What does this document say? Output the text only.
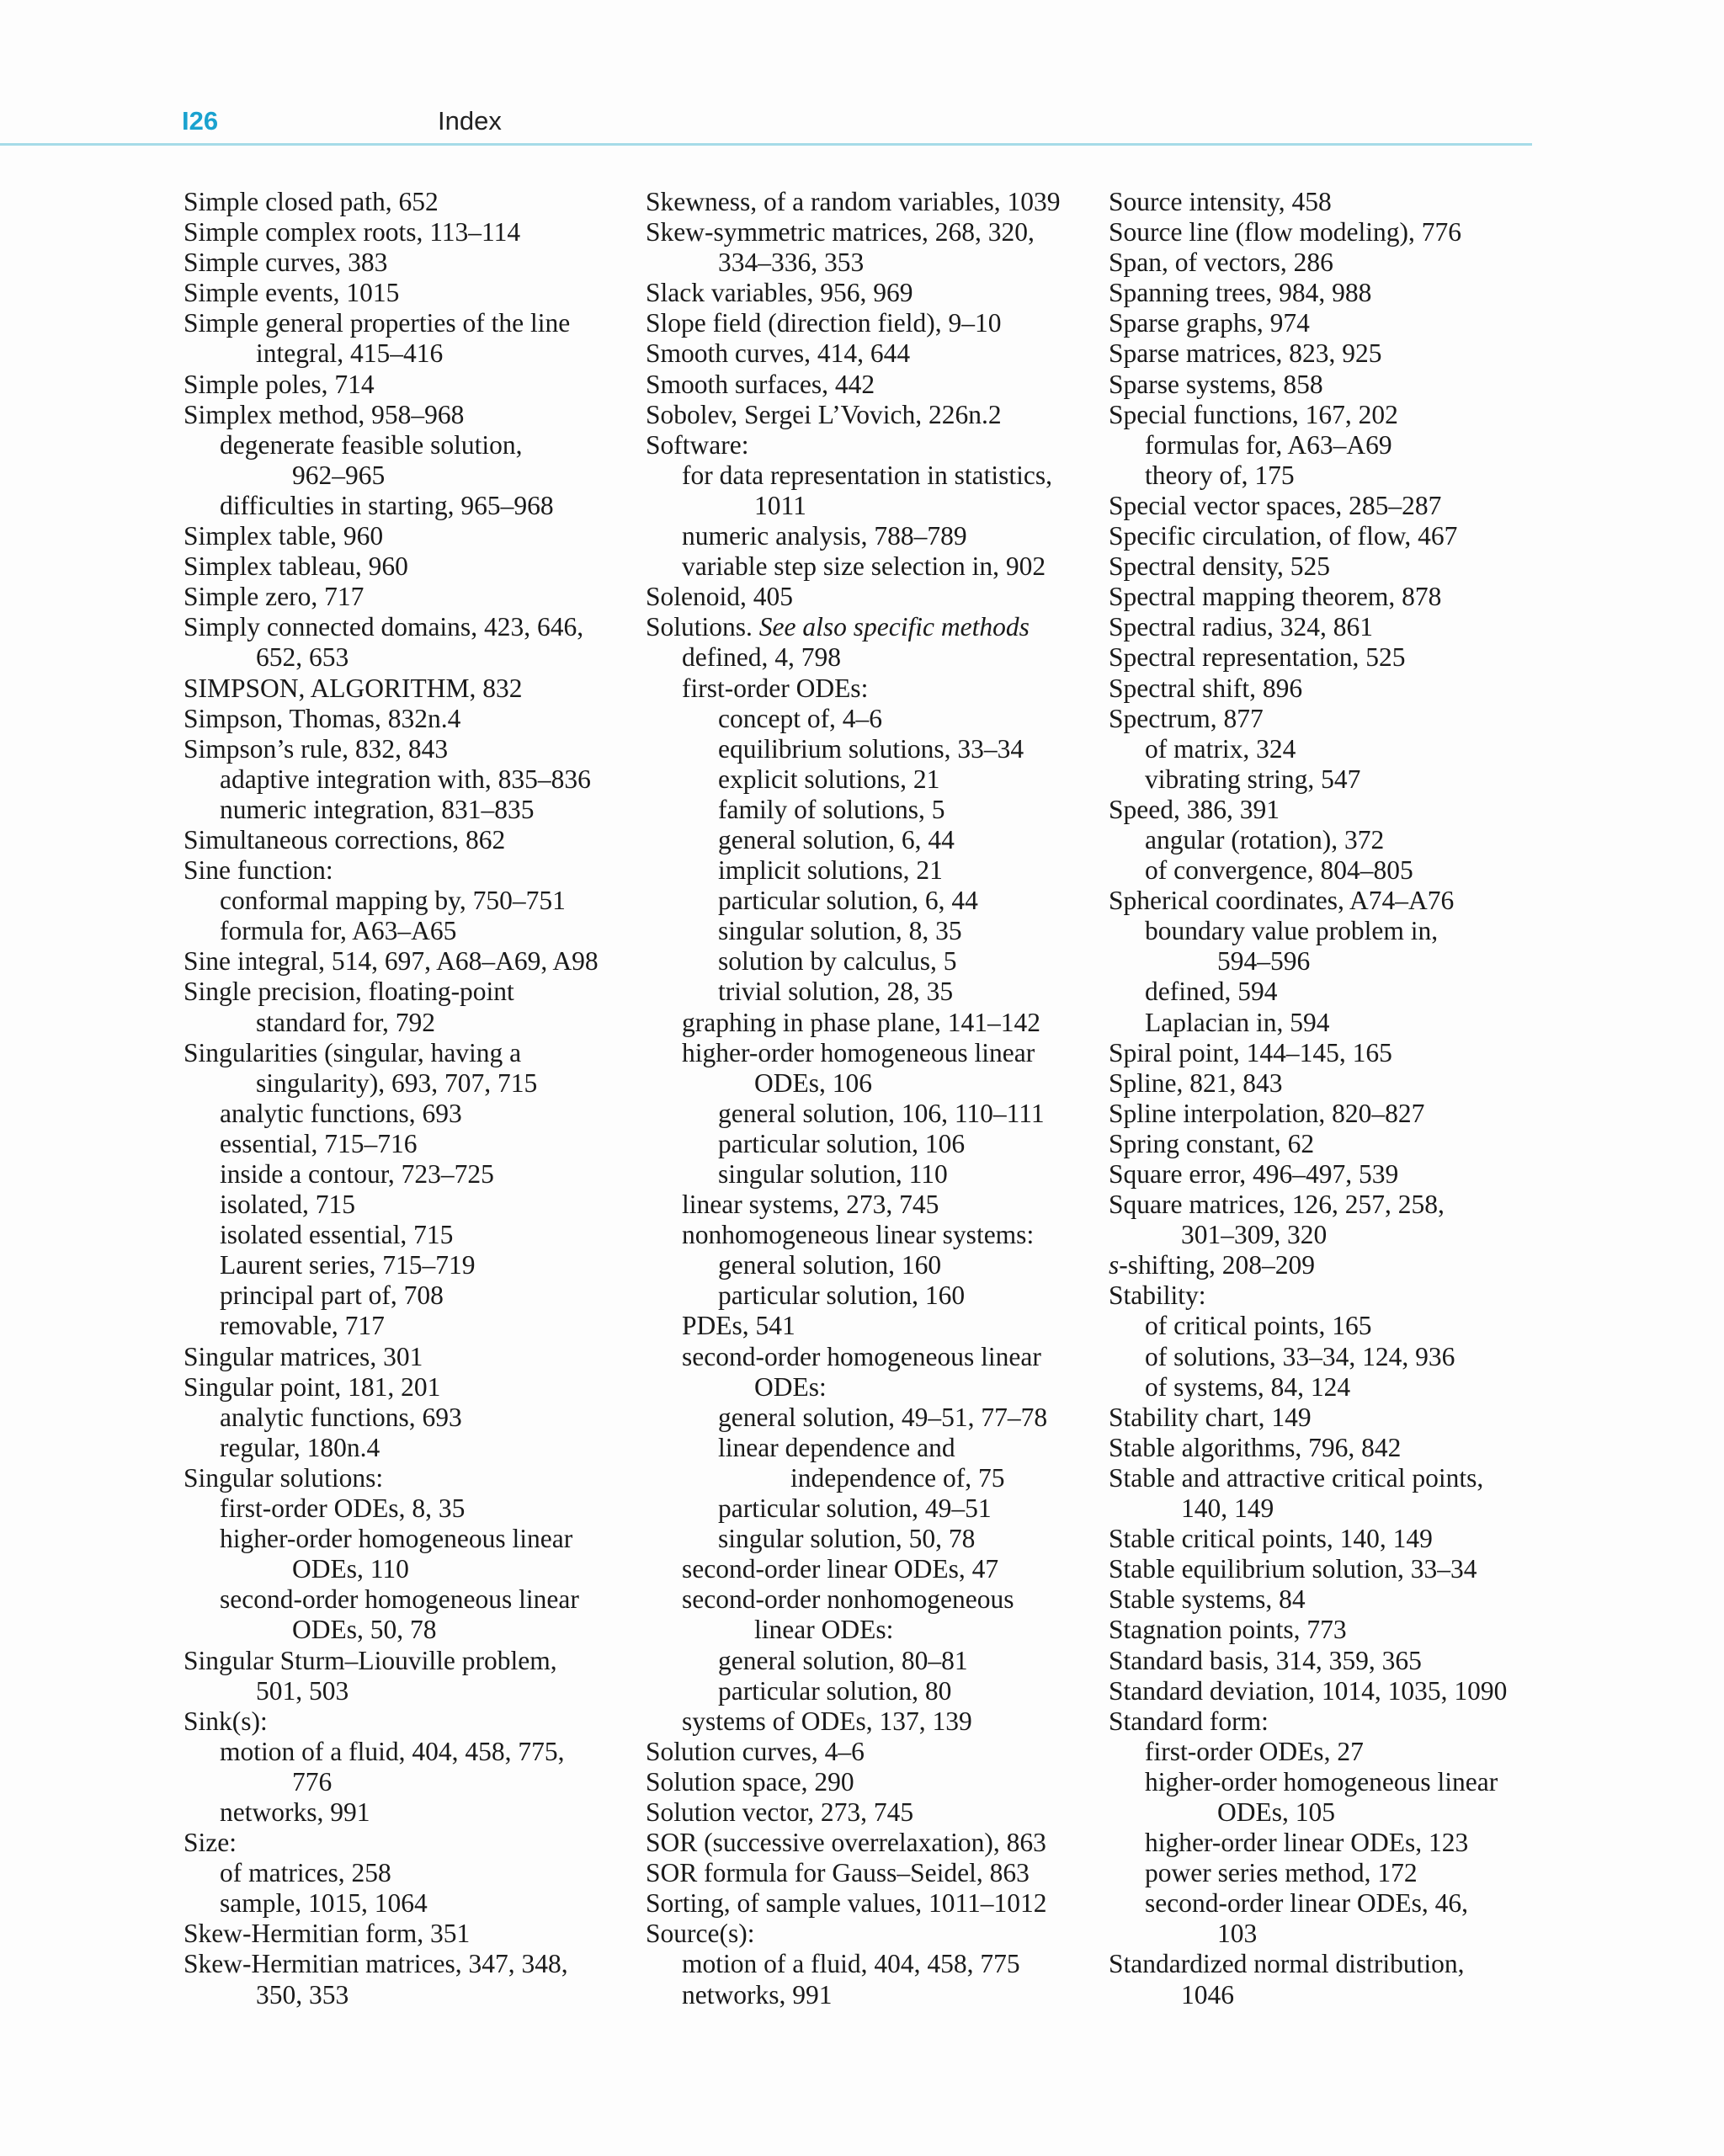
I26	Index
Simple closed path, 652
Simple complex roots, 113–114
Simple curves, 383
Simple events, 1015
Simple general properties of the line
integral, 415–416
Simple poles, 714
Simplex method, 958–968
degenerate feasible solution,
962–965
difficulties in starting, 965–968
Simplex table, 960
Simplex tableau, 960
Simple zero, 717
Simply connected domains, 423, 646,
652, 653
SIMPSON, ALGORITHM, 832
Simpson, Thomas, 832n.4
Simpson’s rule, 832, 843
adaptive integration with, 835–836
numeric integration, 831–835
Simultaneous corrections, 862
Sine function:
conformal mapping by, 750–751
formula for, A63–A65
Sine integral, 514, 697, A68–A69, A98
Single precision, floating-point
standard for, 792
Singularities (singular, having a
singularity), 693, 707, 715
analytic functions, 693
essential, 715–716
inside a contour, 723–725
isolated, 715
isolated essential, 715
Laurent series, 715–719
principal part of, 708
removable, 717
Singular matrices, 301
Singular point, 181, 201
analytic functions, 693
regular, 180n.4
Singular solutions:
first-order ODEs, 8, 35
higher-order homogeneous linear
ODEs, 110
second-order homogeneous linear
ODEs, 50, 78
Singular Sturm–Liouville problem,
501, 503
Sink(s):
motion of a fluid, 404, 458, 775,
776
networks, 991
Size:
of matrices, 258
sample, 1015, 1064
Skew-Hermitian form, 351
Skew-Hermitian matrices, 347, 348,
350, 353
Skewness, of a random variables, 1039
Skew-symmetric matrices, 268, 320,
334–336, 353
Slack variables, 956, 969
Slope field (direction field), 9–10
Smooth curves, 414, 644
Smooth surfaces, 442
Sobolev, Sergei L’Vovich, 226n.2
Software:
for data representation in statistics,
1011
numeric analysis, 788–789
variable step size selection in, 902
Solenoid, 405
Solutions. See also specific methods
defined, 4, 798
first-order ODEs:
concept of, 4–6
equilibrium solutions, 33–34
explicit solutions, 21
family of solutions, 5
general solution, 6, 44
implicit solutions, 21
particular solution, 6, 44
singular solution, 8, 35
solution by calculus, 5
trivial solution, 28, 35
graphing in phase plane, 141–142
higher-order homogeneous linear
ODEs, 106
general solution, 106, 110–111
particular solution, 106
singular solution, 110
linear systems, 273, 745
nonhomogeneous linear systems:
general solution, 160
particular solution, 160
PDEs, 541
second-order homogeneous linear
ODEs:
general solution, 49–51, 77–78
linear dependence and
independence of, 75
particular solution, 49–51
singular solution, 50, 78
second-order linear ODEs, 47
second-order nonhomogeneous
linear ODEs:
general solution, 80–81
particular solution, 80
systems of ODEs, 137, 139
Solution curves, 4–6
Solution space, 290
Solution vector, 273, 745
SOR (successive overrelaxation), 863
SOR formula for Gauss–Seidel, 863
Sorting, of sample values, 1011–1012
Source(s):
motion of a fluid, 404, 458, 775
networks, 991
Source intensity, 458
Source line (flow modeling), 776
Span, of vectors, 286
Spanning trees, 984, 988
Sparse graphs, 974
Sparse matrices, 823, 925
Sparse systems, 858
Special functions, 167, 202
formulas for, A63–A69
theory of, 175
Special vector spaces, 285–287
Specific circulation, of flow, 467
Spectral density, 525
Spectral mapping theorem, 878
Spectral radius, 324, 861
Spectral representation, 525
Spectral shift, 896
Spectrum, 877
of matrix, 324
vibrating string, 547
Speed, 386, 391
angular (rotation), 372
of convergence, 804–805
Spherical coordinates, A74–A76
boundary value problem in,
594–596
defined, 594
Laplacian in, 594
Spiral point, 144–145, 165
Spline, 821, 843
Spline interpolation, 820–827
Spring constant, 62
Square error, 496–497, 539
Square matrices, 126, 257, 258,
301–309, 320
s-shifting, 208–209
Stability:
of critical points, 165
of solutions, 33–34, 124, 936
of systems, 84, 124
Stability chart, 149
Stable algorithms, 796, 842
Stable and attractive critical points,
140, 149
Stable critical points, 140, 149
Stable equilibrium solution, 33–34
Stable systems, 84
Stagnation points, 773
Standard basis, 314, 359, 365
Standard deviation, 1014, 1035, 1090
Standard form:
first-order ODEs, 27
higher-order homogeneous linear
ODEs, 105
higher-order linear ODEs, 123
power series method, 172
second-order linear ODEs, 46,
103
Standardized normal distribution,
1046
